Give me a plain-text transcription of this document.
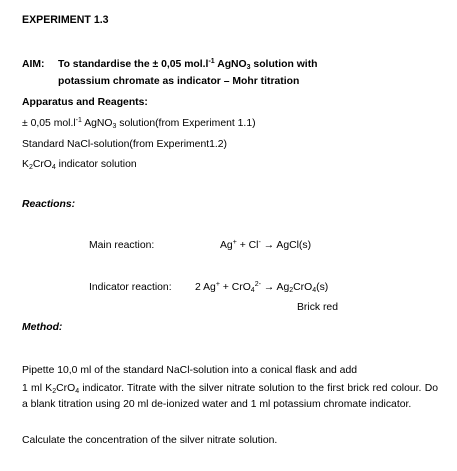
EXPERIMENT 1.3
AIM: To standardise the ± 0,05 $mol.l^{-1}$ AgNO$_3$ solution with
potassium chromate as indicator – Mohr titration
Apparatus and Reagents:
± 0,05 $mol.l^{-1}$ AgNO$_3$ solution(from Experiment 1.1)
Standard NaCl-solution(from Experiment1.2)
$K_2CrO_4$ indicator solution
Reactions:
Main reaction:	Ag+ + Cl- → AgCl(s)
Indicator reaction: 2 $Ag^+ + CrO_4^{2-} \to Ag_2CrO_4(s)$
Brick red
Method:
Pipette 10,0 ml of the standard NaCl-solution into a conical flask and add
1 ml $K_2CrO_4$ indicator. Titrate with the silver nitrate solution to the first brick red colour. Do a blank titration using 20 ml de-ionized water and 1 ml potassium chromate indicator.
Calculate the concentration of the silver nitrate solution.
